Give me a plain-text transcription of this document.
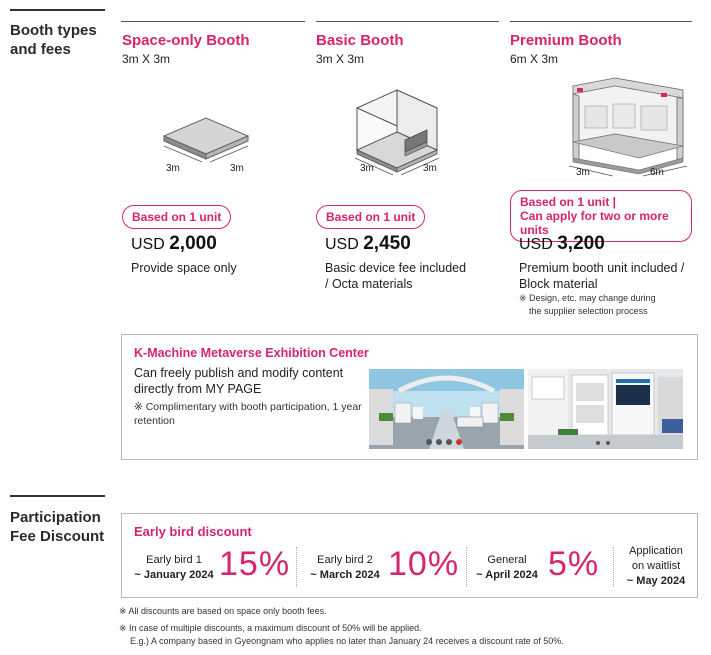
Booth types
and fees
Space-only Booth
3m X 3m
3m	3m
Based on 1 unit
USD 2,000
Provide space only
Basic Booth
3m X 3m
3m	3m
Based on 1 unit
USD 2,450
Basic device fee included
/ Octa materials
Premium Booth
6m X 3m
3m	6m
Based on 1 unit |
Can apply for two or more units
USD 3,200
Premium booth unit included /
Block material
※ Design, etc. may change during
the supplier selection process
K-Machine Metaverse Exhibition Center
Can freely publish and modify content directly from MY PAGE
※ Complimentary with booth participation, 1 year retention
Participation
Fee Discount Early bird discount
Early bird 1
~ January 2024 15%	Early bird 2
~ March 2024 10%	General
~ April 2024 5%	Application
on waitlist
~ May 2024
※ All discounts are based on space only booth fees.
※ In case of multiple discounts, a maximum discount of 50% will be applied.
E.g.) A company based in Gyeongnam who applies no later than January 24 receives a discount rate of 50%.
